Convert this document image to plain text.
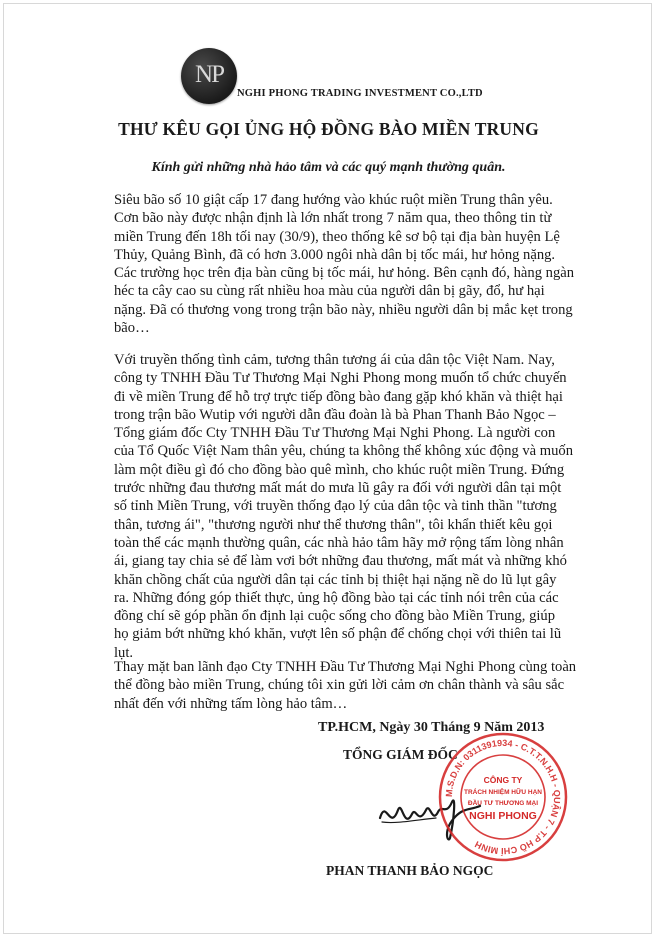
NP
NGHI PHONG TRADING INVESTMENT CO.,LTD
THƯ KÊU GỌI ỦNG HỘ ĐỒNG BÀO MIỀN TRUNG
Kính gửi những nhà hảo tâm và các quý mạnh thường quân.

Siêu bão số 10 giật cấp 17 đang hướng vào khúc ruột miền Trung thân yêu.
Cơn bão này được nhận định là lớn nhất trong 7 năm qua, theo thông tin từ
miền Trung đến 18h tối nay (30/9), theo thống kê sơ bộ tại địa bàn huyện Lệ
Thủy, Quảng Bình, đã có hơn 3.000 ngôi nhà dân bị tốc mái, hư hỏng nặng.
Các trường học trên địa bàn cũng bị tốc mái, hư hỏng. Bên cạnh đó, hàng ngàn
héc ta cây cao su cùng rất nhiều hoa màu của người dân bị gãy, đổ, hư hại
nặng. Đã có thương vong trong trận bão này, nhiều người dân bị mắc kẹt trong
bão…

Với truyền thống tình cảm, tương thân tương ái của dân tộc Việt Nam. Nay,
công ty TNHH Đầu Tư Thương Mại Nghi Phong mong muốn tổ chức chuyến
đi về miền Trung để hỗ trợ trực tiếp đồng bào đang gặp khó khăn và thiệt hại
trong trận bão Wutip với người dẫn đầu đoàn là bà Phan Thanh Bảo Ngọc –
Tổng giám đốc Cty TNHH Đầu Tư Thương Mại Nghi Phong. Là người con
của Tổ Quốc Việt Nam thân yêu, chúng ta không thể không xúc động và muốn
làm một điều gì đó cho đồng bào quê mình, cho khúc ruột miền Trung. Đứng
trước những đau thương mất mát do mưa lũ gây ra đối với người dân tại một
số tỉnh Miền Trung, với truyền thống đạo lý của dân tộc và tinh thần "tương
thân, tương ái", "thương người như thể thương thân", tôi khẩn thiết kêu gọi
toàn thể các mạnh thường quân, các nhà hảo tâm hãy mở rộng tấm lòng nhân
ái, giang tay chia sẻ để làm vơi bớt những đau thương, mất mát và những khó
khăn chồng chất của người dân tại các tỉnh bị thiệt hại nặng nề do lũ lụt gây
ra. Những đóng góp thiết thực, ủng hộ đồng bào tại các tỉnh nói trên của các
đồng chí sẽ góp phần ổn định lại cuộc sống cho đồng bào Miền Trung, giúp
họ giảm bớt những khó khăn, vượt lên số phận để chống chọi với thiên tai lũ
lụt.

Thay mặt ban lãnh đạo Cty TNHH Đầu Tư Thương Mại Nghi Phong cùng toàn
thể đồng bào miền Trung, chúng tôi xin gửi lời cảm ơn chân thành và sâu sắc
nhất đến với những tấm lòng hảo tâm…

TP.HCM, Ngày 30 Tháng 9 Năm 2013
TỔNG GIÁM ĐỐC
M.S.D.N: 0311391934 - C.T.T.N.H.H - QUẬN 7 - T.P HỒ CHÍ MINH
CÔNG TY
TRÁCH NHIỆM HỮU HẠN
ĐẦU TƯ THƯƠNG MẠI
NGHI PHONG
PHAN THANH BẢO NGỌC
